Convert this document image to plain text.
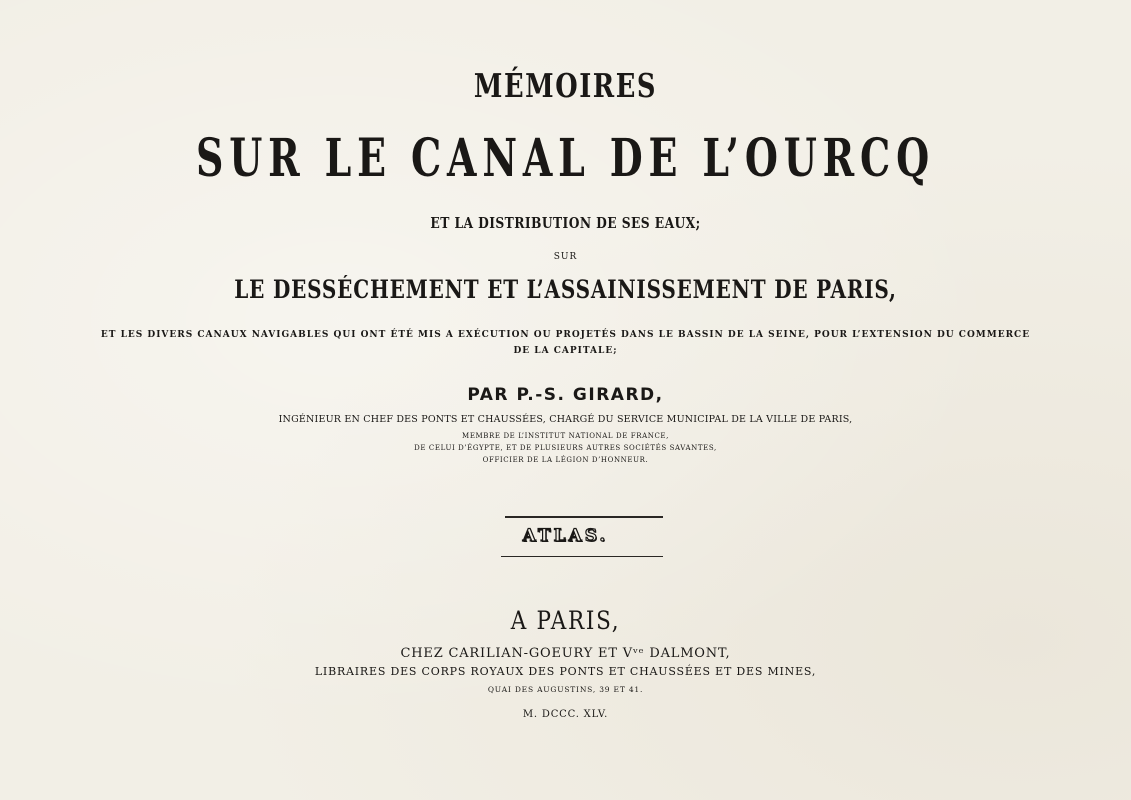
MÉMOIRES
SUR LE CANAL DE L’OURCQ
ET LA DISTRIBUTION DE SES EAUX;
SUR
LE DESSÉCHEMENT ET L’ASSAINISSEMENT DE PARIS,
ET LES DIVERS CANAUX NAVIGABLES QUI ONT ÉTÉ MIS A EXÉCUTION OU PROJETÉS DANS LE BASSIN DE LA SEINE, POUR L’EXTENSION DU COMMERCE
DE LA CAPITALE;
PAR P.-S. GIRARD,
INGÉNIEUR EN CHEF DES PONTS ET CHAUSSÉES, CHARGÉ DU SERVICE MUNICIPAL DE LA VILLE DE PARIS,
MEMBRE DE L’INSTITUT NATIONAL DE FRANCE,
DE CELUI D’ÉGYPTE, ET DE PLUSIEURS AUTRES SOCIÉTÉS SAVANTES,
OFFICIER DE LA LÉGION D’HONNEUR.
ATLAS.
A PARIS,
CHEZ CARILIAN-GOEURY ET Vᵛᵉ DALMONT,
LIBRAIRES DES CORPS ROYAUX DES PONTS ET CHAUSSÉES ET DES MINES,
QUAI DES AUGUSTINS, 39 ET 41.
M. DCCC. XLV.
